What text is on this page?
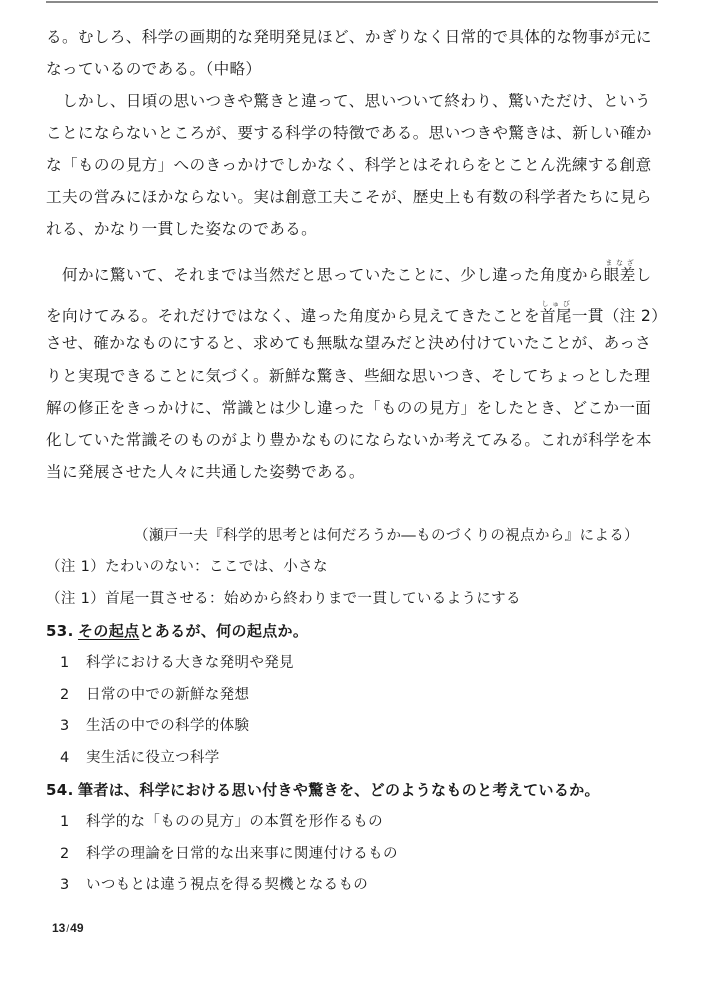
る。むしろ、科学の画期的な発明発見ほど、かぎりなく日常的で具体的な物事が元に
なっているのである。（中略）
しかし、日頃の思いつきや驚きと違って、思いついて終わり、驚いただけ、という
ことにならないところが、要する科学の特徴である。思いつきや驚きは、新しい確か
な「ものの見方」へのきっかけでしかなく、科学とはそれらをとことん洗練する創意
工夫の営みにほかならない。実は創意工夫こそが、歴史上も有数の科学者たちに見ら
れる、かなり一貫した姿なのである。
何かに驚いて、それまでは当然だと思っていたことに、少し違った角度から眼差まなざし
を向けてみる。それだけではなく、違った角度から見えてきたことを首尾しゅび一貫（注 2）
させ、確かなものにすると、求めても無駄な望みだと決め付けていたことが、あっさ
りと実現できることに気づく。新鮮な驚き、些細な思いつき、そしてちょっとした理
解の修正をきっかけに、常識とは少し違った「ものの見方」をしたとき、どこか一面
化していた常識そのものがより豊かなものにならないか考えてみる。これが科学を本
当に発展させた人々に共通した姿勢である。
（瀬戸一夫『科学的思考とは何だろうか―ものづくりの視点から』による）
（注 1）たわいのない：ここでは、小さな
（注 1）首尾一貫させる：始めから終わりまで一貫しているようにする
53. その起点とあるが、何の起点か。
1 科学における大きな発明や発見
2 日常の中での新鮮な発想
3 生活の中での科学的体験
4 実生活に役立つ科学
54. 筆者は、科学における思い付きや驚きを、どのようなものと考えているか。
1 科学的な「ものの見方」の本質を形作るもの
2 科学の理論を日常的な出来事に関連付けるもの
3 いつもとは違う視点を得る契機となるもの
13/49
